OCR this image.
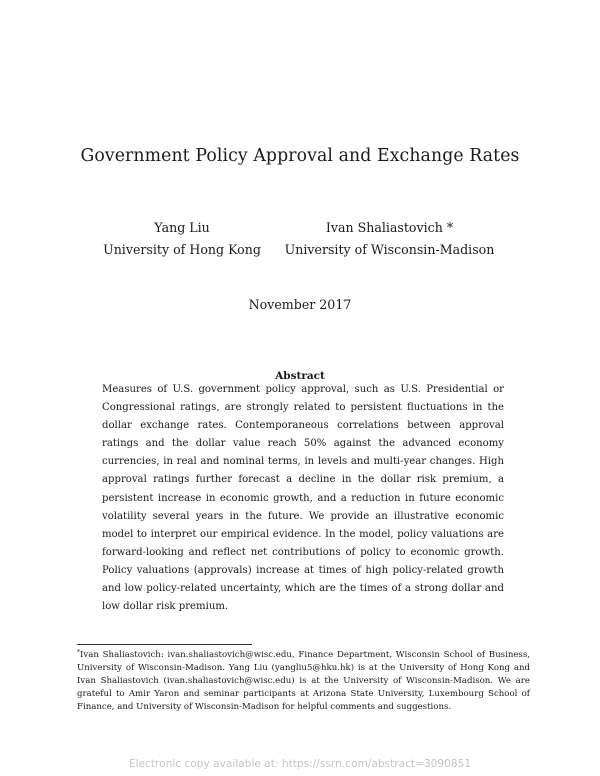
Government Policy Approval and Exchange Rates
Yang Liu
University of Hong Kong
Ivan Shaliastovich *
University of Wisconsin-Madison
November 2017
Abstract

Measures of U.S. government policy approval, such as U.S. Presidential or Congressional ratings, are strongly related to persistent fluctuations in the dollar exchange rates. Contemporaneous correlations between approval ratings and the dollar value reach 50% against the advanced economy currencies, in real and nominal terms, in levels and multi-year changes. High approval ratings further forecast a decline in the dollar risk premium, a persistent increase in economic growth, and a reduction in future economic volatility several years in the future. We provide an illustrative economic model to interpret our empirical evidence. In the model, policy valuations are forward-looking and reflect net contributions of policy to economic growth. Policy valuations (approvals) increase at times of high policy-related growth and low policy-related uncertainty, which are the times of a strong dollar and low dollar risk premium.

*Ivan Shaliastovich: ivan.shaliastovich@wisc.edu, Finance Department, Wisconsin School of Business, University of Wisconsin-Madison. Yang Liu (yangliu5@hku.hk) is at the University of Hong Kong and Ivan Shaliastovich (ivan.shaliastovich@wisc.edu) is at the University of Wisconsin-Madison. We are grateful to Amir Yaron and seminar participants at Arizona State University, Luxembourg School of Finance, and University of Wisconsin-Madison for helpful comments and suggestions.

Electronic copy available at: https://ssrn.com/abstract=3090851
